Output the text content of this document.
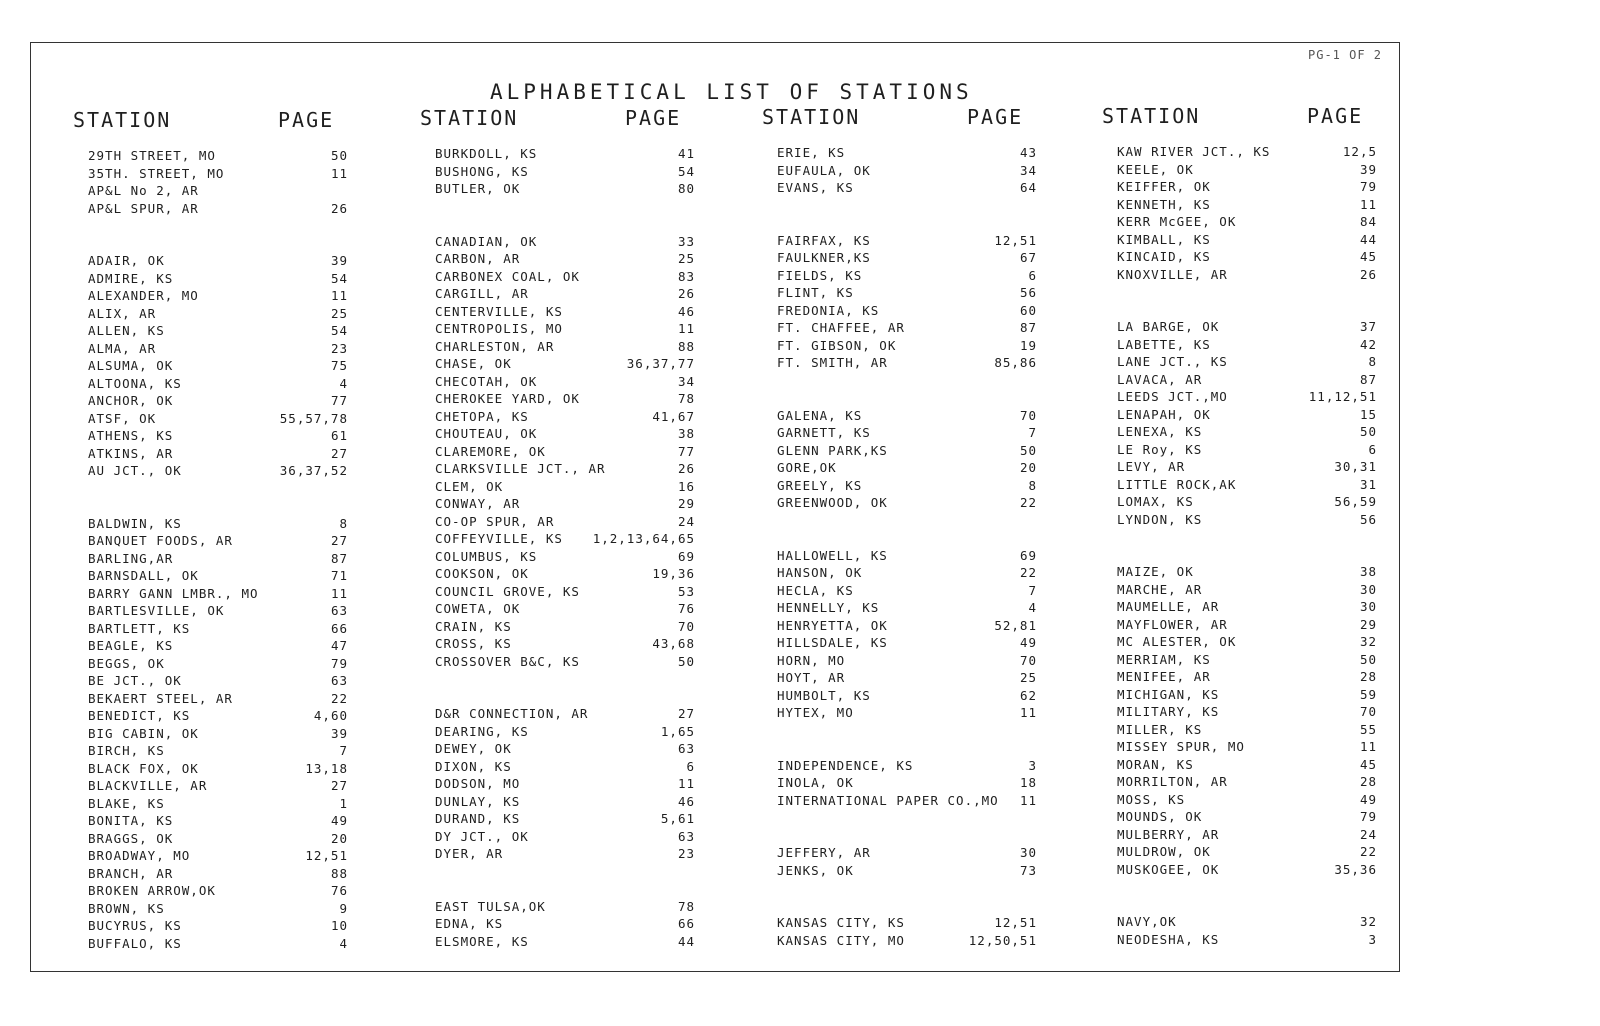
PG-1 OF 2
ALPHABETICAL LIST OF STATIONS
STATION	PAGE
29TH STREET, MO	50
35TH. STREET, MO	11
AP&L No 2, AR
AP&L SPUR, AR	26
ADAIR, OK	39
ADMIRE, KS	54
ALEXANDER, MO	11
ALIX, AR	25
ALLEN, KS	54
ALMA, AR	23
ALSUMA, OK	75
ALTOONA, KS	4
ANCHOR, OK	77
ATSF, OK	55,57,78
ATHENS, KS	61
ATKINS, AR	27
AU JCT., OK	36,37,52
BALDWIN, KS	8
BANQUET FOODS, AR	27
BARLING,AR	87
BARNSDALL, OK	71
BARRY GANN LMBR., MO	11
BARTLESVILLE, OK	63
BARTLETT, KS	66
BEAGLE, KS	47
BEGGS, OK	79
BE JCT., OK	63
BEKAERT STEEL, AR	22
BENEDICT, KS	4,60
BIG CABIN, OK	39
BIRCH, KS	7
BLACK FOX, OK	13,18
BLACKVILLE, AR	27
BLAKE, KS	1
BONITA, KS	49
BRAGGS, OK	20
BROADWAY, MO	12,51
BRANCH, AR	88
BROKEN ARROW,OK	76
BROWN, KS	9
BUCYRUS, KS	10
BUFFALO, KS	4
STATION	PAGE
BURKDOLL, KS	41
BUSHONG, KS	54
BUTLER, OK	80
CANADIAN, OK	33
CARBON, AR	25
CARBONEX COAL, OK	83
CARGILL, AR	26
CENTERVILLE, KS	46
CENTROPOLIS, MO	11
CHARLESTON, AR	88
CHASE, OK	36,37,77
CHECOTAH, OK	34
CHEROKEE YARD, OK	78
CHETOPA, KS	41,67
CHOUTEAU, OK	38
CLAREMORE, OK	77
CLARKSVILLE JCT., AR	26
CLEM, OK	16
CONWAY, AR	29
CO-OP SPUR, AR	24
COFFEYVILLE, KS 1,2,13,64,65
COLUMBUS, KS	69
COOKSON, OK	19,36
COUNCIL GROVE, KS	53
COWETA, OK	76
CRAIN, KS	70
CROSS, KS	43,68
CROSSOVER B&C, KS	50
D&R CONNECTION, AR	27
DEARING, KS	1,65
DEWEY, OK	63
DIXON, KS	6
DODSON, MO	11
DUNLAY, KS	46
DURAND, KS	5,61
DY JCT., OK	63
DYER, AR	23
EAST TULSA,OK	78
EDNA, KS	66
ELSMORE, KS	44
STATION	PAGE
ERIE, KS	43
EUFAULA, OK	34
EVANS, KS	64
FAIRFAX, KS	12,51
FAULKNER,KS	67
FIELDS, KS	6
FLINT, KS	56
FREDONIA, KS	60
FT. CHAFFEE, AR	87
FT. GIBSON, OK	19
FT. SMITH, AR	85,86
GALENA, KS	70
GARNETT, KS	7
GLENN PARK,KS	50
GORE,OK	20
GREELY, KS	8
GREENWOOD, OK	22
HALLOWELL, KS	69
HANSON, OK	22
HECLA, KS	7
HENNELLY, KS	4
HENRYETTA, OK	52,81
HILLSDALE, KS	49
HORN, MO	70
HOYT, AR	25
HUMBOLT, KS	62
HYTEX, MO	11
INDEPENDENCE, KS	3
INOLA, OK	18
INTERNATIONAL PAPER CO.,MO 11
JEFFERY, AR	30
JENKS, OK	73
KANSAS CITY, KS	12,51
KANSAS CITY, MO	12,50,51
STATION	PAGE
KAW RIVER JCT., KS	12,5
KEELE, OK	39
KEIFFER, OK	79
KENNETH, KS	11
KERR McGEE, OK	84
KIMBALL, KS	44
KINCAID, KS	45
KNOXVILLE, AR	26
LA BARGE, OK	37
LABETTE, KS	42
LANE JCT., KS	8
LAVACA, AR	87
LEEDS JCT.,MO	11,12,51
LENAPAH, OK	15
LENEXA, KS	50
LE Roy, KS	6
LEVY, AR	30,31
LITTLE ROCK,AK	31
LOMAX, KS	56,59
LYNDON, KS	56
MAIZE, OK	38
MARCHE, AR	30
MAUMELLE, AR	30
MAYFLOWER, AR	29
MC ALESTER, OK	32
MERRIAM, KS	50
MENIFEE, AR	28
MICHIGAN, KS	59
MILITARY, KS	70
MILLER, KS	55
MISSEY SPUR, MO	11
MORAN, KS	45
MORRILTON, AR	28
MOSS, KS	49
MOUNDS, OK	79
MULBERRY, AR	24
MULDROW, OK	22
MUSKOGEE, OK	35,36
NAVY,OK	32
NEODESHA, KS	3
